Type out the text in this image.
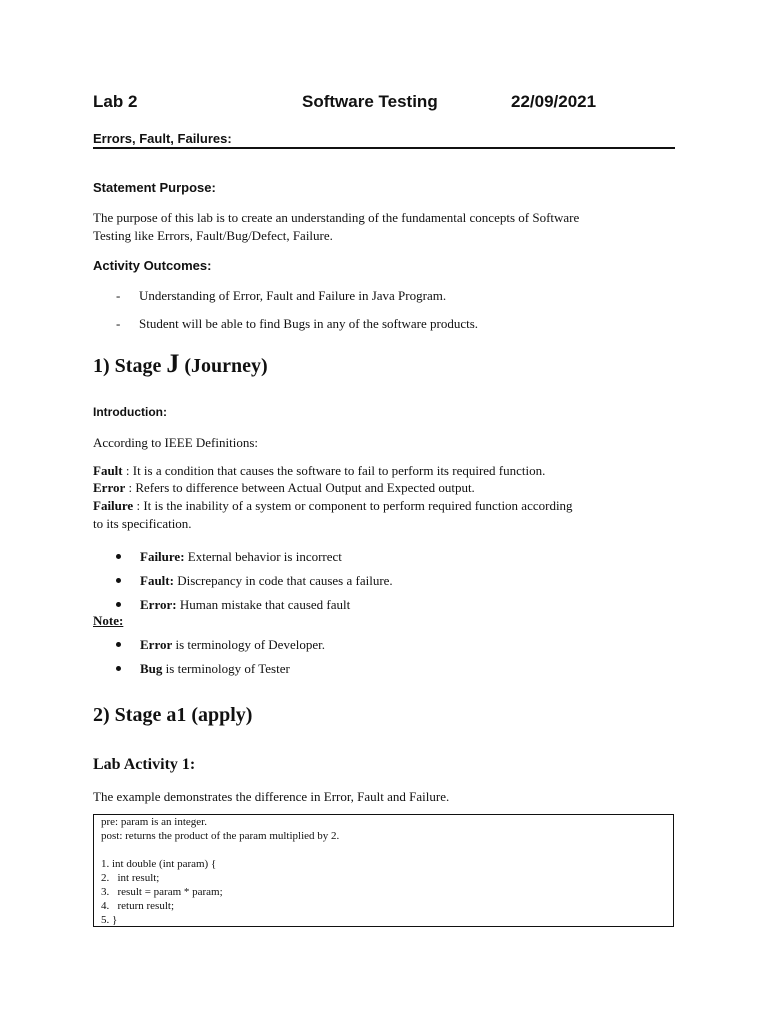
Lab 2	Software Testing	22/09/2021
Errors, Fault, Failures:
Statement Purpose:
The purpose of this lab is to create an understanding of the fundamental concepts of Software
Testing like Errors, Fault/Bug/Defect, Failure.
Activity Outcomes:
- Understanding of Error, Fault and Failure in Java Program.
- Student will be able to find Bugs in any of the software products.
1) Stage J (Journey)
Introduction:
According to IEEE Definitions:
Fault : It is a condition that causes the software to fail to perform its required function.
Error : Refers to difference between Actual Output and Expected output.
Failure : It is the inability of a system or component to perform required function according
to its specification.
Failure: External behavior is incorrect
Fault: Discrepancy in code that causes a failure.
Error: Human mistake that caused fault
Note:
Error is terminology of Developer.
Bug is terminology of Tester
2) Stage a1 (apply)
Lab Activity 1:
The example demonstrates the difference in Error, Fault and Failure.
pre: param is an integer.
post: returns the product of the param multiplied by 2.
1. int double (int param) {
2.   int result;
3.   result = param * param;
4.   return result;
5. }
